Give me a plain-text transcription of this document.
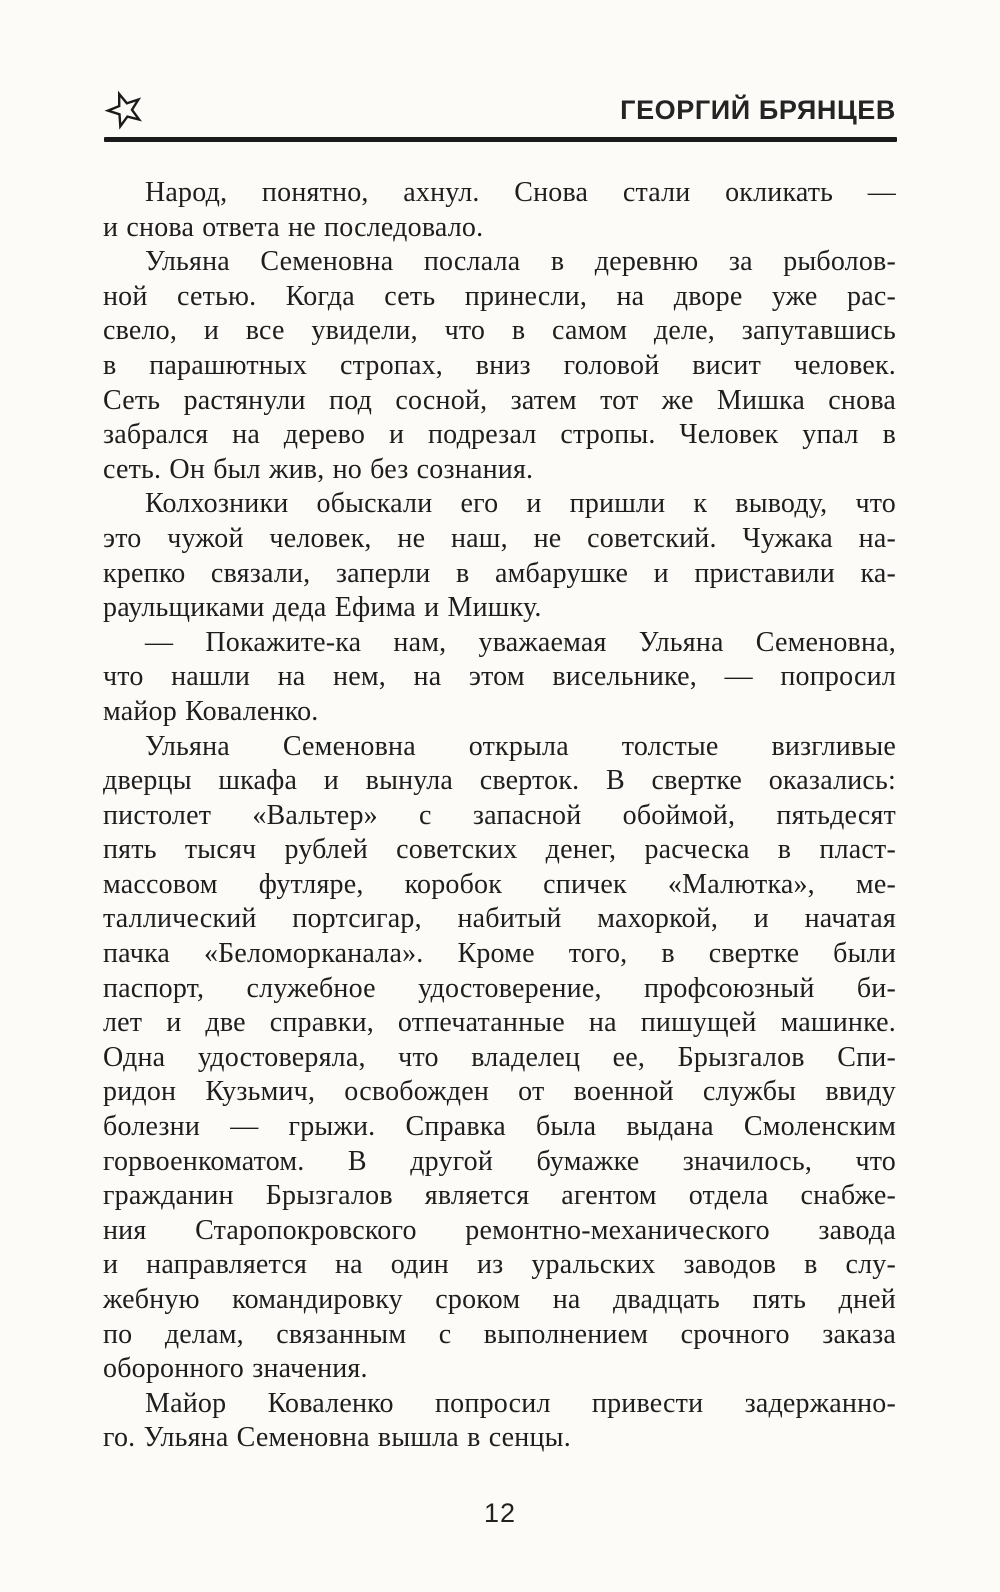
ГЕОРГИЙ БРЯНЦЕВ
Народ, понятно, ахнул. Снова стали окликать —
и снова ответа не последовало.
Ульяна Семеновна послала в деревню за рыболов-
ной сетью. Когда сеть принесли, на дворе уже рас-
свело, и все увидели, что в самом деле, запутавшись
в парашютных стропах, вниз головой висит человек.
Сеть растянули под сосной, затем тот же Мишка снова
забрался на дерево и подрезал стропы. Человек упал в
сеть. Он был жив, но без сознания.
Колхозники обыскали его и пришли к выводу, что
это чужой человек, не наш, не советский. Чужака на-
крепко связали, заперли в амбарушке и приставили ка-
раульщиками деда Ефима и Мишку.
— Покажите-ка нам, уважаемая Ульяна Семеновна,
что нашли на нем, на этом висельнике, — попросил
майор Коваленко.
Ульяна Семеновна открыла толстые визгливые
дверцы шкафа и вынула сверток. В свертке оказались:
пистолет «Вальтер» с запасной обоймой, пятьдесят
пять тысяч рублей советских денег, расческа в пласт-
массовом футляре, коробок спичек «Малютка», ме-
таллический портсигар, набитый махоркой, и начатая
пачка «Беломорканала». Кроме того, в свертке были
паспорт, служебное удостоверение, профсоюзный би-
лет и две справки, отпечатанные на пишущей машинке.
Одна удостоверяла, что владелец ее, Брызгалов Спи-
ридон Кузьмич, освобожден от военной службы ввиду
болезни — грыжи. Справка была выдана Смоленским
горвоенкоматом. В другой бумажке значилось, что
гражданин Брызгалов является агентом отдела снабже-
ния Старопокровского ремонтно-механического завода
и направляется на один из уральских заводов в слу-
жебную командировку сроком на двадцать пять дней
по делам, связанным с выполнением срочного заказа
оборонного значения.
Майор Коваленко попросил привести задержанно-
го. Ульяна Семеновна вышла в сенцы.
12
